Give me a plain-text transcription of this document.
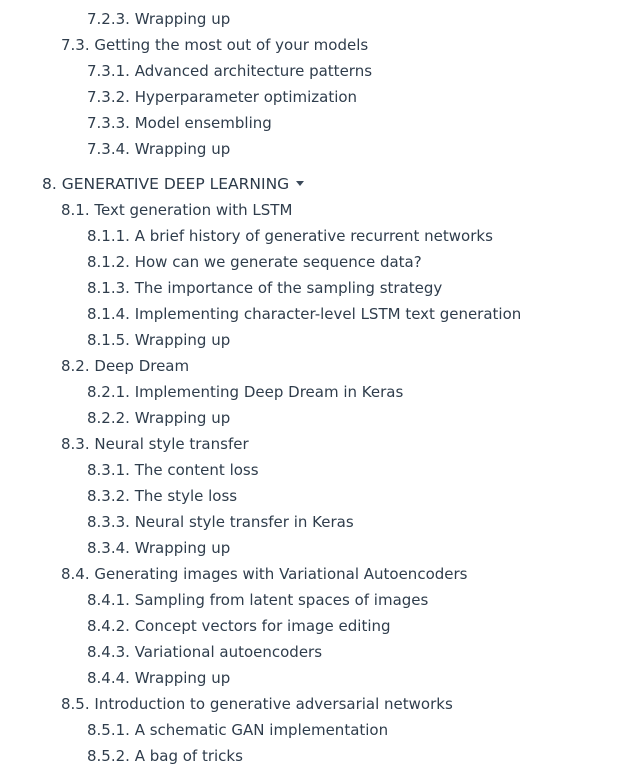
7.2.3. Wrapping up
7.3. Getting the most out of your models
7.3.1. Advanced architecture patterns
7.3.2. Hyperparameter optimization
7.3.3. Model ensembling
7.3.4. Wrapping up
8. GENERATIVE DEEP LEARNING
8.1. Text generation with LSTM
8.1.1. A brief history of generative recurrent networks
8.1.2. How can we generate sequence data?
8.1.3. The importance of the sampling strategy
8.1.4. Implementing character-level LSTM text generation
8.1.5. Wrapping up
8.2. Deep Dream
8.2.1. Implementing Deep Dream in Keras
8.2.2. Wrapping up
8.3. Neural style transfer
8.3.1. The content loss
8.3.2. The style loss
8.3.3. Neural style transfer in Keras
8.3.4. Wrapping up
8.4. Generating images with Variational Autoencoders
8.4.1. Sampling from latent spaces of images
8.4.2. Concept vectors for image editing
8.4.3. Variational autoencoders
8.4.4. Wrapping up
8.5. Introduction to generative adversarial networks
8.5.1. A schematic GAN implementation
8.5.2. A bag of tricks
